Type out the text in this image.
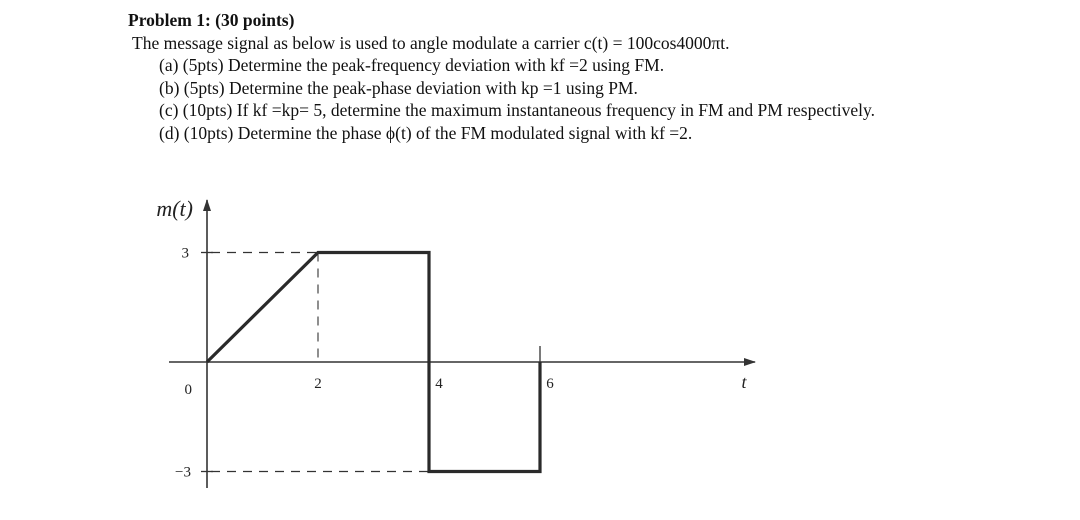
Problem 1: (30 points)

The message signal as below is used to angle modulate a carrier c(t) = 100cos4000πt.

(a) (5pts) Determine the peak-frequency deviation with kf =2 using FM.
(b) (5pts) Determine the peak-phase deviation with kp =1 using PM.
(c) (10pts) If kf =kp= 5, determine the maximum instantaneous frequency in FM and PM respectively.
(d) (10pts) Determine the phase ϕ(t) of the FM modulated signal with kf =2.
m(t)
t
3
0
−3
2	4	6
